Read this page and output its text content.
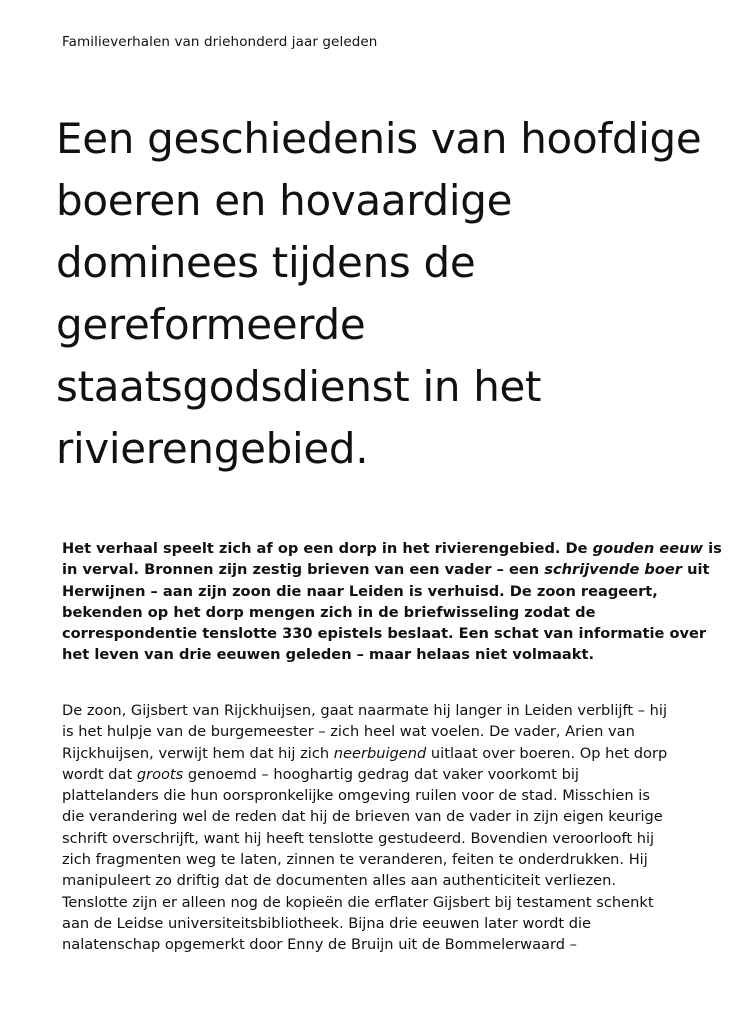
Familieverhalen van driehonderd jaar geleden
Een geschiedenis van hoofdige
boeren en hovaardige
dominees tijdens de
gereformeerde
staatsgodsdienst in het
rivierengebied.
Het verhaal speelt zich af op een dorp in het rivierengebied. De gouden eeuw is
in verval. Bronnen zijn zestig brieven van een vader – een schrijvende boer uit
Herwijnen – aan zijn zoon die naar Leiden is verhuisd. De zoon reageert,
bekenden op het dorp mengen zich in de briefwisseling zodat de
correspondentie tenslotte 330 epistels beslaat. Een schat van informatie over
het leven van drie eeuwen geleden – maar helaas niet volmaakt.
De zoon, Gijsbert van Rijckhuijsen, gaat naarmate hij langer in Leiden verblijft – hij
is het hulpje van de burgemeester – zich heel wat voelen. De vader, Arien van
Rijckhuijsen, verwijt hem dat hij zich neerbuigend uitlaat over boeren. Op het dorp
wordt dat groots genoemd – hooghartig gedrag dat vaker voorkomt bij
plattelanders die hun oorspronkelijke omgeving ruilen voor de stad. Misschien is
die verandering wel de reden dat hij de brieven van de vader in zijn eigen keurige
schrift overschrijft, want hij heeft tenslotte gestudeerd. Bovendien veroorlooft hij
zich fragmenten weg te laten, zinnen te veranderen, feiten te onderdrukken. Hij
manipuleert zo driftig dat de documenten alles aan authenticiteit verliezen.
Tenslotte zijn er alleen nog de kopieën die erflater Gijsbert bij testament schenkt
aan de Leidse universiteitsbibliotheek. Bijna drie eeuwen later wordt die
nalatenschap opgemerkt door Enny de Bruijn uit de Bommelerwaard –
